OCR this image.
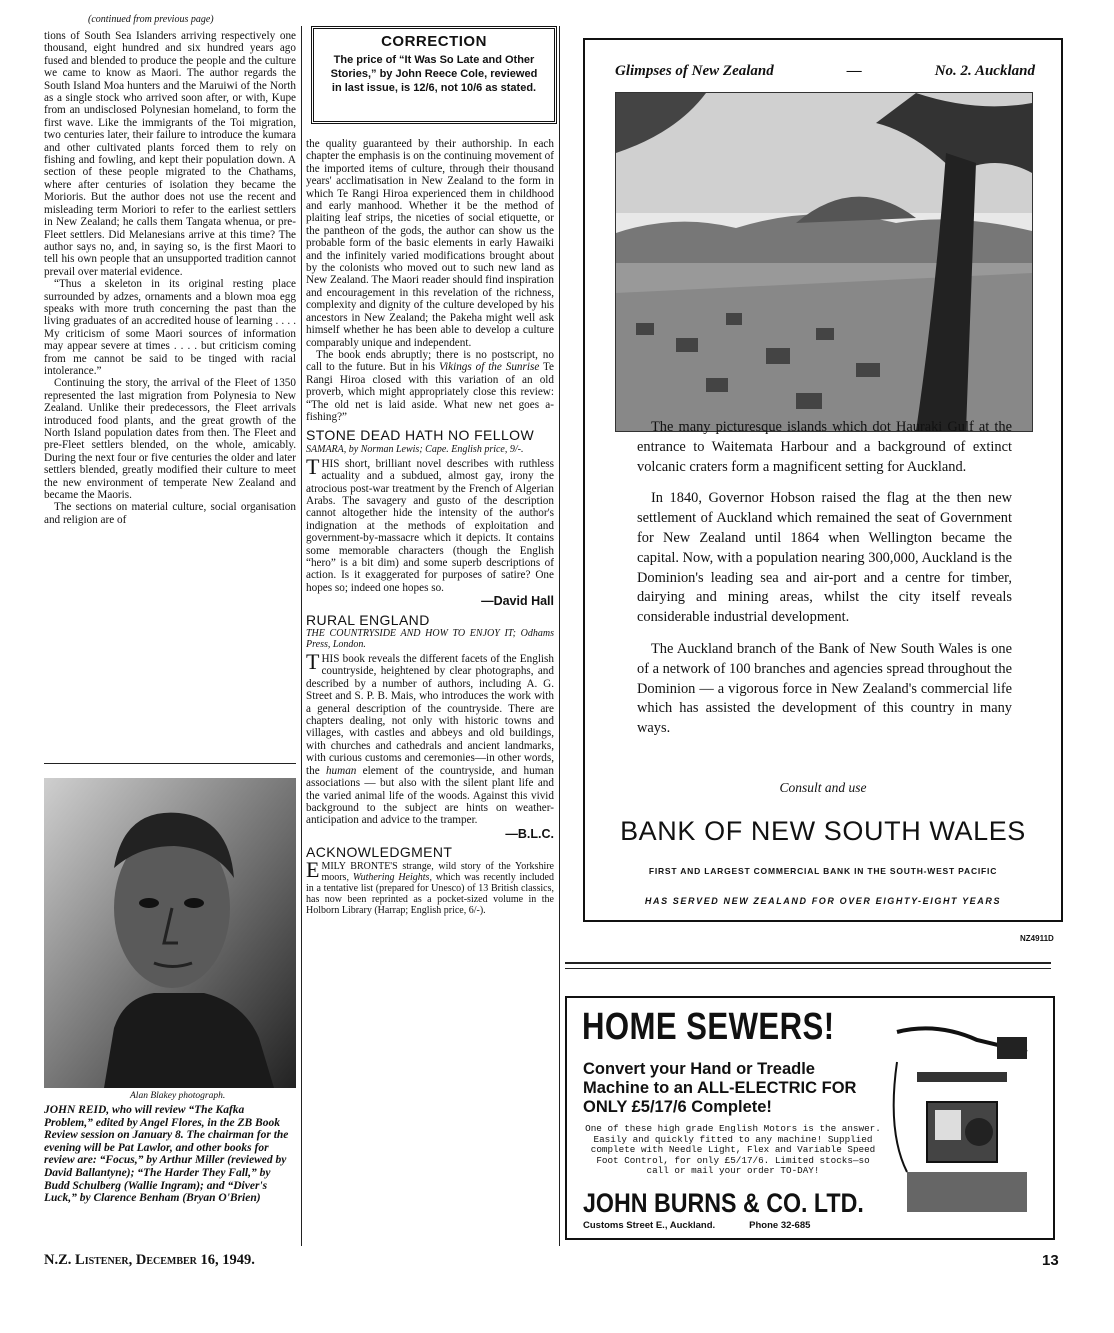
(continued from previous page)

tions of South Sea Islanders arriving respectively one thousand, eight hundred and six hundred years ago fused and blended to produce the people and the culture we came to know as Maori. The author regards the South Island Moa hunters and the Maruiwi of the North as a single stock who arrived soon after, or with, Kupe from an undisclosed Polynesian homeland, to form the first wave. Like the immigrants of the Toi migration, two centuries later, their failure to introduce the kumara and other cultivated plants forced them to rely on fishing and fowling, and kept their population down. A section of these people migrated to the Chathams, where after centuries of isolation they became the Morioris. But the author does not use the recent and misleading term Moriori to refer to the earliest settlers in New Zealand; he calls them Tangata whenua, or pre-Fleet settlers. Did Melanesians arrive at this time? The author says no, and, in saying so, is the first Maori to tell his own people that an unsupported tradition cannot prevail over material evidence.

“Thus a skeleton in its original resting place surrounded by adzes, ornaments and a blown moa egg speaks with more truth concerning the past than the living graduates of an accredited house of learning . . . . My criticism of some Maori sources of information may appear severe at times . . . . but criticism coming from me cannot be said to be tinged with racial intolerance.”

Continuing the story, the arrival of the Fleet of 1350 represented the last migration from Polynesia to New Zealand. Unlike their predecessors, the Fleet arrivals introduced food plants, and the great growth of the North Island population dates from then. The Fleet and pre-Fleet settlers blended, on the whole, amicably. During the next four or five centuries the older and later settlers blended, greatly modified their culture to meet the new environment of temperate New Zealand and became the Maoris.

The sections on material culture, social organisation and religion are of

Alan Blakey photograph.
JOHN REID, who will review “The Kafka Problem,” edited by Angel Flores, in the ZB Book Review session on January 8. The chairman for the evening will be Pat Lawlor, and other books for review are: “Focus,” by Arthur Miller (reviewed by David Ballantyne); “The Harder They Fall,” by Budd Schulberg (Wallie Ingram); and “Diver's Luck,” by Clarence Benham (Bryan O'Brien)
CORRECTION
The price of “It Was So Late and Other Stories,” by John Reece Cole, reviewed in last issue, is 12/6, not 10/6 as stated.

the quality guaranteed by their authorship. In each chapter the emphasis is on the continuing movement of the imported items of culture, through their thousand years' acclimatisation in New Zealand to the form in which Te Rangi Hiroa experienced them in childhood and early manhood. Whether it be the method of plaiting leaf strips, the niceties of social etiquette, or the pantheon of the gods, the author can show us the probable form of the basic elements in early Hawaiki and the infinitely varied modifications brought about by the colonists who moved out to such new land as New Zealand. The Maori reader should find inspiration and encouragement in this revelation of the richness, complexity and dignity of the culture developed by his ancestors in New Zealand; the Pakeha might well ask himself whether he has been able to develop a culture comparably unique and independent.

The book ends abruptly; there is no postscript, no call to the future. But in his Vikings of the Sunrise Te Rangi Hiroa closed with this variation of an old proverb, which might appropriately close this review: “The old net is laid aside. What new net goes a-fishing?”

STONE DEAD HATH NO FELLOW
SAMARA, by Norman Lewis; Cape. English price, 9/-.
THIS short, brilliant novel describes with ruthless actuality and a subdued, almost gay, irony the atrocious post-war treatment by the French of Algerian Arabs. The savagery and gusto of the description cannot altogether hide the intensity of the author's indignation at the methods of exploitation and government-by-massacre which it depicts. It contains some memorable characters (though the English “hero” is a bit dim) and some superb descriptions of action. Is it exaggerated for purposes of satire? One hopes so; indeed one hopes so.
—David Hall
RURAL ENGLAND
THE COUNTRYSIDE AND HOW TO ENJOY IT; Odhams Press, London.
THIS book reveals the different facets of the English countryside, heightened by clear photographs, and described by a number of authors, including A. G. Street and S. P. B. Mais, who introduces the work with a general description of the countryside. There are chapters dealing, not only with historic towns and villages, with castles and abbeys and old buildings, with churches and cathedrals and ancient landmarks, with curious customs and ceremonies—in other words, the human element of the countryside, and human associations — but also with the silent plant life and the varied animal life of the woods. Against this vivid background to the subject are hints on weather-anticipation and advice to the tramper.
—B.L.C.
ACKNOWLEDGMENT
EMILY BRONTE'S strange, wild story of the Yorkshire moors, Wuthering Heights, which was recently included in a tentative list (prepared for Unesco) of 13 British classics, has now been reprinted as a pocket-sized volume in the Holborn Library (Harrap; English price, 6/-).
Glimpses of New Zealand	—	No. 2. Auckland

The many picturesque islands which dot Hauraki Gulf at the entrance to Waitemata Harbour and a background of extinct volcanic craters form a magnificent setting for Auckland.

In 1840, Governor Hobson raised the flag at the then new settlement of Auckland which remained the seat of Government for New Zealand until 1864 when Wellington became the capital. Now, with a population nearing 300,000, Auckland is the Dominion's leading sea and air-port and a centre for timber, dairying and mining areas, whilst the city itself reveals considerable industrial development.

The Auckland branch of the Bank of New South Wales is one of a network of 100 branches and agencies spread throughout the Dominion — a vigorous force in New Zealand's commercial life which has assisted the development of this country in many ways.

Consult and use
BANK OF NEW SOUTH WALES
FIRST AND LARGEST COMMERCIAL BANK IN THE SOUTH-WEST PACIFIC
HAS SERVED NEW ZEALAND FOR OVER EIGHTY-EIGHT YEARS
NZ4911D
HOME SEWERS!
Convert your Hand or Treadle Machine to an ALL-ELECTRIC FOR ONLY £5/17/6 Complete!
One of these high grade English Motors is the answer. Easily and quickly fitted to any machine! Supplied complete with Needle Light, Flex and Variable Speed Foot Control, for only £5/17/6. Limited stocks—so call or mail your order TO-DAY!
JOHN BURNS & CO. LTD.
Customs Street E., Auckland.	Phone 32-685
N.Z. Listener, December 16, 1949.	13
